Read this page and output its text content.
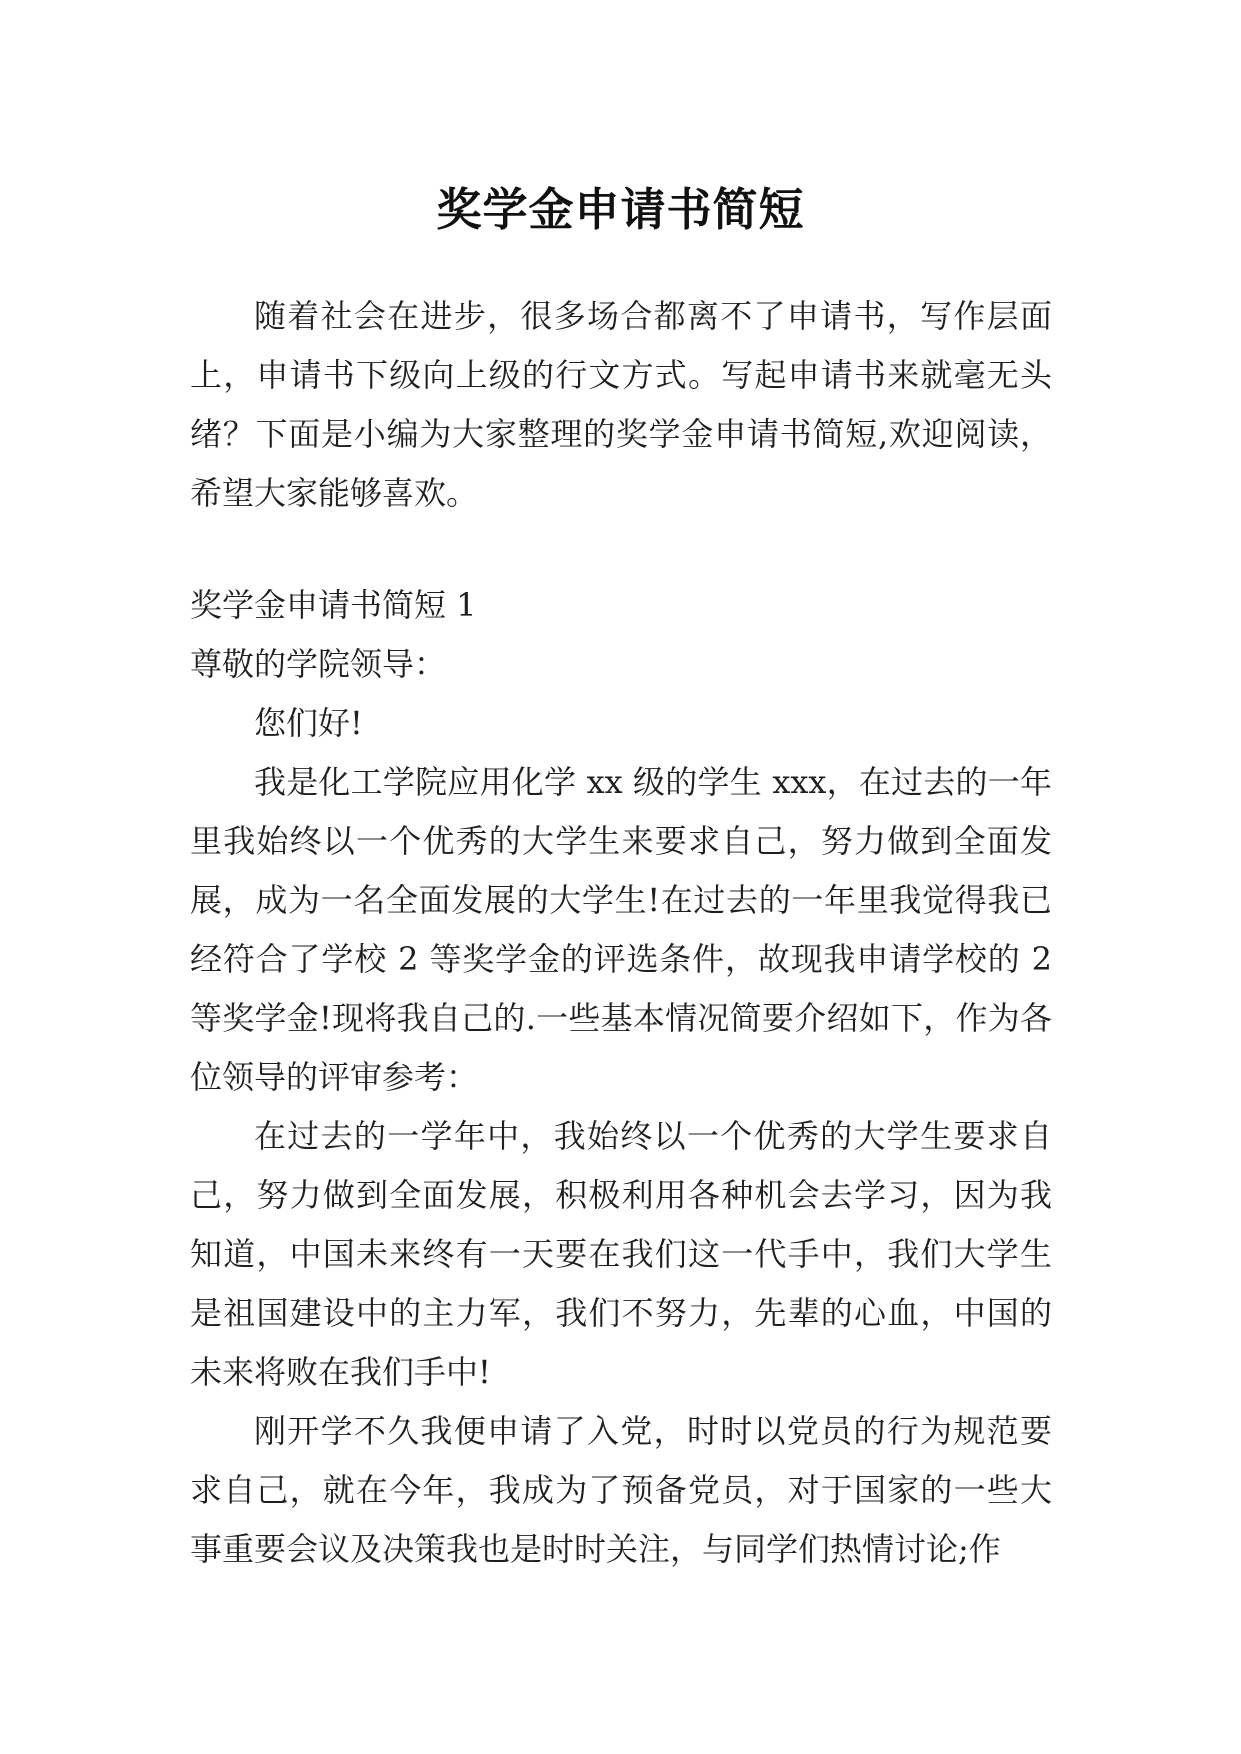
奖学金申请书简短

随着社会在进步，很多场合都离不了申请书，写作层面上，申请书下级向上级的行文方式。写起申请书来就毫无头绪？下面是小编为大家整理的奖学金申请书简短,欢迎阅读，希望大家能够喜欢。

奖学金申请书简短 1

尊敬的学院领导：

您们好!

我是化工学院应用化学 xx 级的学生 xxx，在过去的一年里我始终以一个优秀的大学生来要求自己，努力做到全面发展，成为一名全面发展的大学生!在过去的一年里我觉得我已经符合了学校 2 等奖学金的评选条件，故现我申请学校的 2 等奖学金!现将我自己的.一些基本情况简要介绍如下，作为各位领导的评审参考：

在过去的一学年中，我始终以一个优秀的大学生要求自己，努力做到全面发展，积极利用各种机会去学习，因为我知道，中国未来终有一天要在我们这一代手中，我们大学生是祖国建设中的主力军，我们不努力，先辈的心血，中国的未来将败在我们手中!

刚开学不久我便申请了入党，时时以党员的行为规范要求自己，就在今年，我成为了预备党员，对于国家的一些大事重要会议及决策我也是时时关注，与同学们热情讨论;作
